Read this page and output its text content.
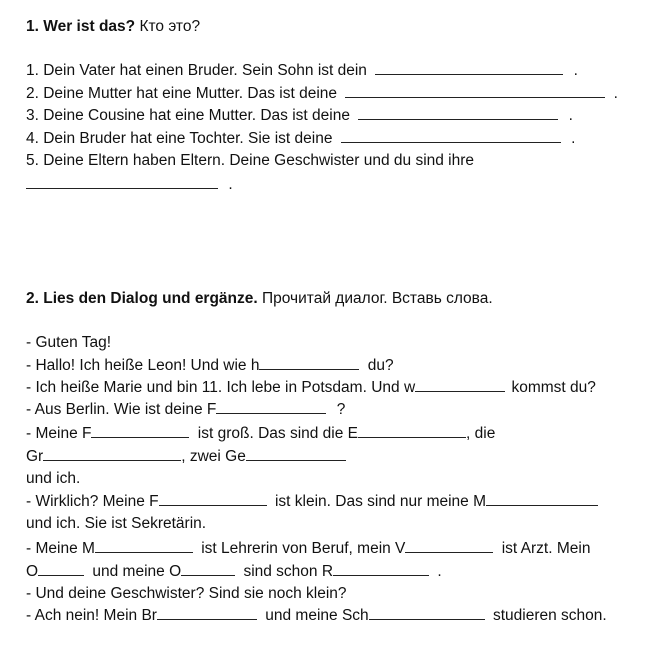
1. Wer ist das? Кто это?
1. Dein Vater hat einen Bruder. Sein Sohn ist dein	.
2. Deine Mutter hat eine Mutter. Das ist deine	.
3. Deine Cousine hat eine Mutter. Das ist deine	.
4. Dein Bruder hat eine Tochter. Sie ist deine	.
5. Deine Eltern haben Eltern. Deine Geschwister und du sind ihre
.
2. Lies den Dialog und ergänze. Прочитай диалог. Вставь слова.
- Guten Tag!
- Hallo! Ich heiße Leon! Und wie h	du?
- Ich heiße Marie und bin 11. Ich lebe in Potsdam. Und w	kommst du?
- Aus Berlin. Wie ist deine F	?
- Meine F	ist groß. Das sind die E	, die
Gr	, zwei Ge
und ich.
- Wirklich? Meine F	ist klein. Das sind nur meine M
und ich. Sie ist Sekretärin.
- Meine M	ist Lehrerin von Beruf, mein V	ist Arzt. Mein
O	und meine O	sind schon R	.
- Und deine Geschwister? Sind sie noch klein?
- Ach nein! Mein Br	und meine Sch	studieren schon.
